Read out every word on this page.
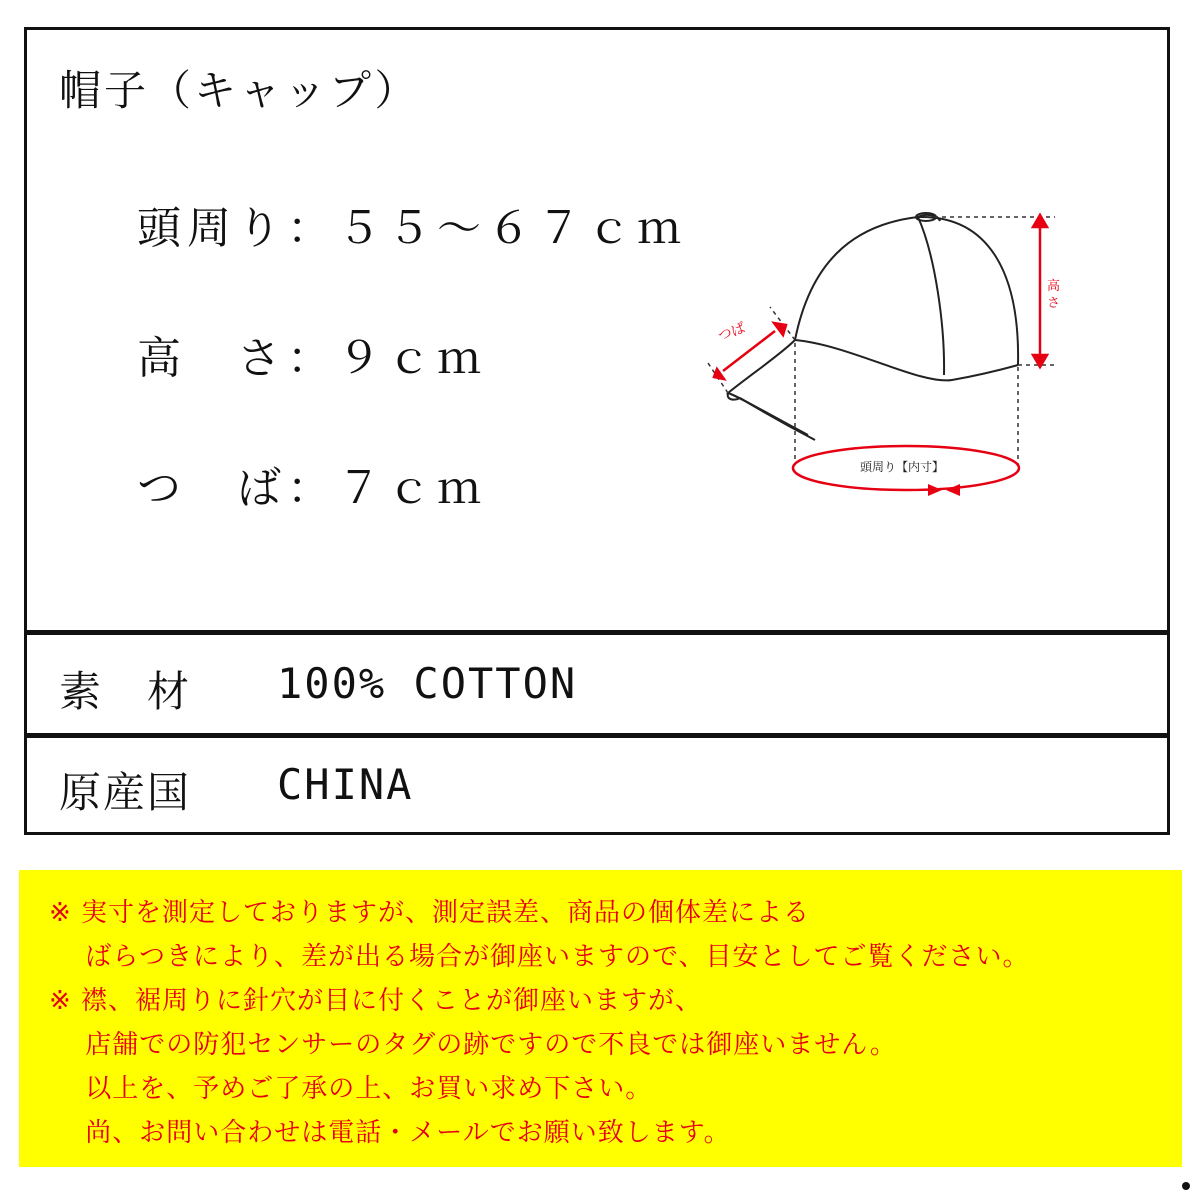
帽子（キャップ）
頭周り：５５～６７ｃｍ
高　さ：９ｃｍ
つ　ば：７ｃｍ
高
さ
つば
頭周り【内寸】
素　材 100% COTTON
原産国 CHINA
※ 実寸を測定しておりますが、測定誤差、商品の個体差による
　 ばらつきにより、差が出る場合が御座いますので、目安としてご覧ください。
※ 襟、裾周りに針穴が目に付くことが御座いますが、
　 店舗での防犯センサーのタグの跡ですので不良では御座いません。
　 以上を、予めご了承の上、お買い求め下さい。
　 尚、お問い合わせは電話・メールでお願い致します。
